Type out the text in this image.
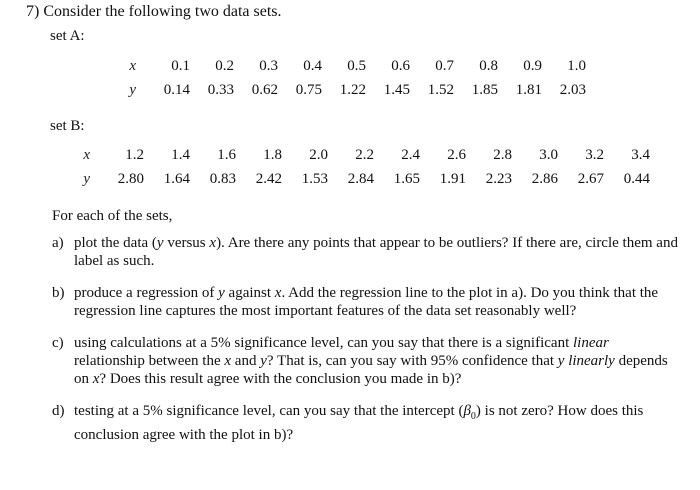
7) Consider the following two data sets.
set A:
x	0.1	0.2	0.3	0.4	0.5	0.6	0.7	0.8	0.9	1.0
y	0.14	0.33	0.62	0.75	1.22	1.45	1.52	1.85	1.81	2.03
set B:
x	1.2	1.4	1.6	1.8	2.0	2.2	2.4	2.6	2.8	3.0	3.2	3.4
y	2.80	1.64	0.83	2.42	1.53	2.84	1.65	1.91	2.23	2.86	2.67	0.44
For each of the sets,
a) plot the data (y versus x). Are there any points that appear to be outliers? If there are, circle them and label as such.
b) produce a regression of y against x. Add the regression line to the plot in a). Do you think that the regression line captures the most important features of the data set reasonably well?
c) using calculations at a 5% significance level, can you say that there is a significant linear relationship between the x and y? That is, can you say with 95% confidence that y linearly depends on x? Does this result agree with the conclusion you made in b)?
d) testing at a 5% significance level, can you say that the intercept $(\beta_0)$ is not zero? How does this conclusion agree with the plot in b)?
